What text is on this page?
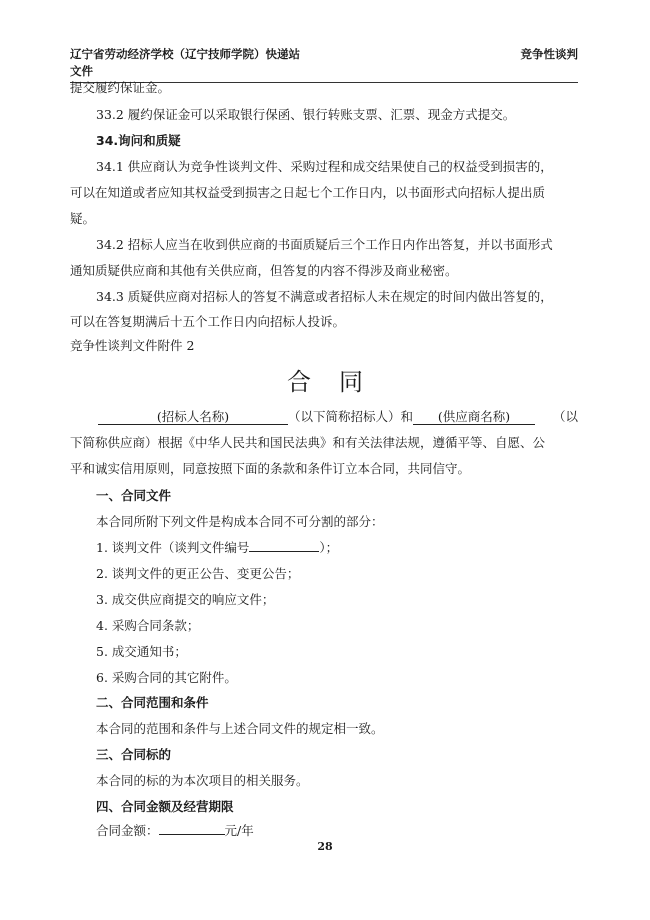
辽宁省劳动经济学校（辽宁技师学院）快递站
文件
竞争性谈判
提交履约保证金。
33.2 履约保证金可以采取银行保函、银行转账支票、汇票、现金方式提交。
34.询问和质疑
34.1 供应商认为竞争性谈判文件、采购过程和成交结果使自己的权益受到损害的，
可以在知道或者应知其权益受到损害之日起七个工作日内，以书面形式向招标人提出质
疑。
34.2 招标人应当在收到供应商的书面质疑后三个工作日内作出答复，并以书面形式
通知质疑供应商和其他有关供应商，但答复的内容不得涉及商业秘密。
34.3 质疑供应商对招标人的答复不满意或者招标人未在规定的时间内做出答复的，
可以在答复期满后十五个工作日内向招标人投诉。
竞争性谈判文件附件 2
合同
(招标人名称)	（以下简称招标人）和 (供应商名称)	（以
下简称供应商）根据《中华人民共和国民法典》和有关法律法规，遵循平等、自愿、公
平和诚实信用原则，同意按照下面的条款和条件订立本合同，共同信守。
一、合同文件
本合同所附下列文件是构成本合同不可分割的部分：
1. 谈判文件（谈判文件编号	）；
2. 谈判文件的更正公告、变更公告；
3. 成交供应商提交的响应文件；
4. 采购合同条款；
5. 成交通知书；
6. 采购合同的其它附件。
二、合同范围和条件
本合同的范围和条件与上述合同文件的规定相一致。
三、合同标的
本合同的标的为本次项目的相关服务。
四、合同金额及经营期限
合同金额：	元/年
28
